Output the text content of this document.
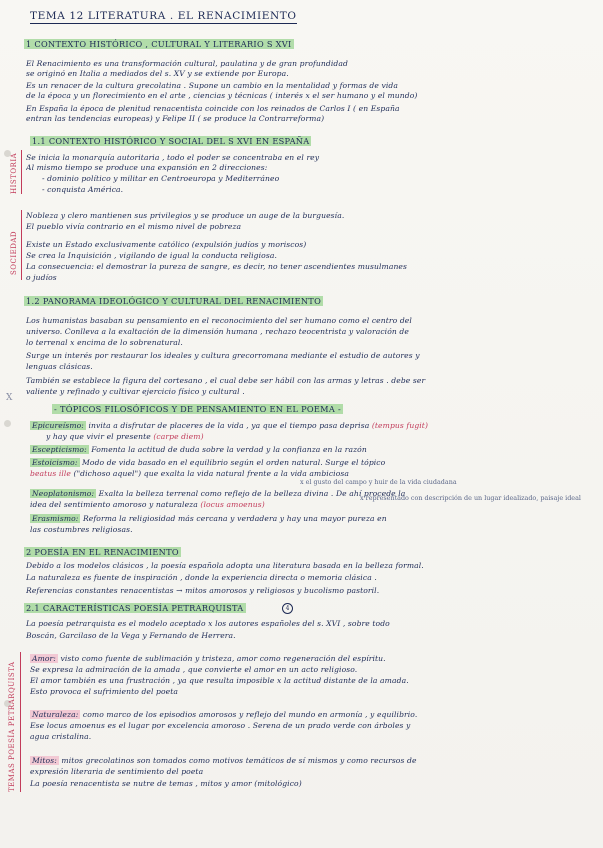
TEMA 12 LITERATURA . EL RENACIMIENTO
1 CONTEXTO HISTÓRICO , CULTURAL Y LITERARIO S XVI
El Renacimiento es una transformación cultural, paulatina y de gran profundidad
se originó en Italia a mediados del s. XV y se extiende por Europa.
Es un renacer de la cultura grecolatina . Supone un cambio en la mentalidad y formas de vida
de la época y un florecimiento en el arte , ciencias y técnicas ( interés x el ser humano y el mundo)
En España la época de plenitud renacentista coincide con los reinados de Carlos I ( en España
entran las tendencias europeas) y Felipe II ( se produce la Contrarreforma)
1.1 CONTEXTO HISTÓRICO Y SOCIAL DEL S XVI EN ESPAÑA
HISTORIA Se inicia la monarquía autoritaria , todo el poder se concentraba en el rey
Al mismo tiempo se produce una expansión en 2 direcciones:
- dominio político y militar en Centroeuropa y Mediterráneo
- conquista América.
SOCIEDAD
Nobleza y clero mantienen sus privilegios y se produce un auge de la burguesía.
El pueblo vivía contrario en el mismo nivel de pobreza
Existe un Estado exclusivamente católico (expulsión judíos y moriscos)
Se crea la Inquisición , vigilando de igual la conducta religiosa.
La consecuencia: el demostrar la pureza de sangre, es decir, no tener ascendientes musulmanes
o judíos
1.2 PANORAMA IDEOLÓGICO Y CULTURAL DEL RENACIMIENTO
Los humanistas basaban su pensamiento en el reconocimiento del ser humano como el centro del
universo. Conlleva a la exaltación de la dimensión humana , rechazo teocentrista y valoración de
lo terrenal x encima de lo sobrenatural.
Surge un interés por restaurar los ideales y cultura grecorromana mediante el estudio de autores y
lenguas clásicas.
También se establece la figura del cortesano , el cual debe ser hábil con las armas y letras . debe ser
valiente y refinado y cultivar ejercicio físico y cultural .
X
- TÓPICOS FILOSÓFICOS Y DE PENSAMIENTO EN EL POEMA -
Epicureísmo: invita a disfrutar de placeres de la vida , ya que el tiempo pasa deprisa (tempus fugit)
y hay que vivir el presente (carpe diem)
Escepticismo: Fomenta la actitud de duda sobre la verdad y la confianza en la razón
Estoicismo: Modo de vida basado en el equilibrio según el orden natural. Surge el tópico
beatus ille ("dichoso aquel") que exalta la vida natural frente a la vida ambiciosa
x el gusto del campo y huir de la vida ciudadana
Neoplatonismo: Exalta la belleza terrenal como reflejo de la belleza divina . De ahí procede la
idea del sentimiento amoroso y naturaleza (locus amoenus)
x representado con descripción de un lugar idealizado, paisaje ideal
Erasmismo: Reforma la religiosidad más cercana y verdadera y hay una mayor pureza en
las costumbres religiosas.
2 POESÍA EN EL RENACIMIENTO
Debido a los modelos clásicos , la poesía española adopta una literatura basada en la belleza formal.
La naturaleza es fuente de inspiración , donde la experiencia directa o memoria clásica .
Referencias constantes renacentistas → mitos amorosos y religiosos y bucolismo pastoril.
2.1 CARACTERÍSTICAS POESÍA PETRARQUISTA	4
La poesía petrarquista es el modelo aceptado x los autores españoles del s. XVI , sobre todo
Boscán, Garcilaso de la Vega y Fernando de Herrera.
TEMAS POESÍA PETRARQUISTA
Amor: visto como fuente de sublimación y tristeza, amor como regeneración del espíritu.
Se expresa la admiración de la amada , que convierte el amor en un acto religioso.
El amor también es una frustración , ya que resulta imposible x la actitud distante de la amada.
Esto provoca el sufrimiento del poeta
Naturaleza: como marco de los episodios amorosos y reflejo del mundo en armonía , y equilibrio.
Ese locus amoenus es el lugar por excelencia amoroso . Serena de un prado verde con árboles y
agua cristalina.
Mitos: mitos grecolatinos son tomados como motivos temáticos de sí mismos y como recursos de
expresión literaria de sentimiento del poeta
La poesía renacentista se nutre de temas , mitos y amor (mitológico)
